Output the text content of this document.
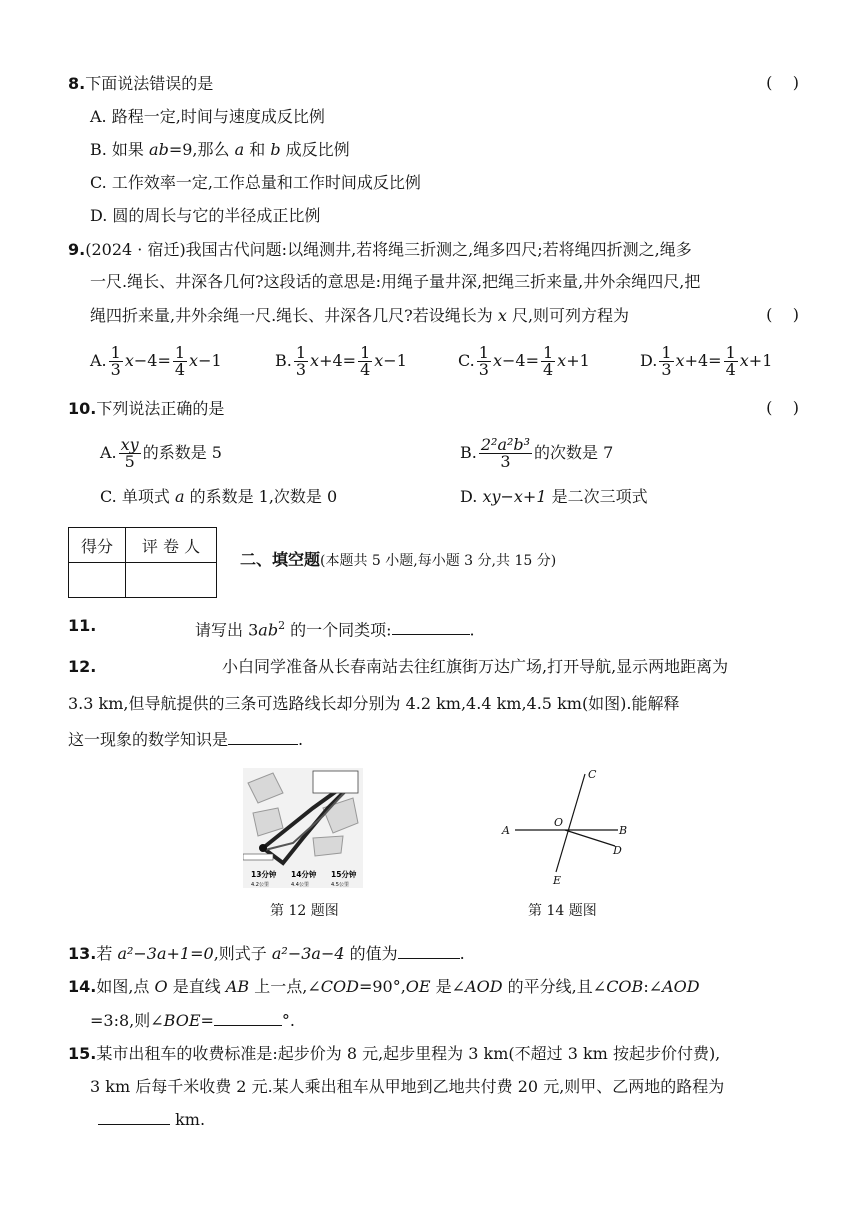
8.下面说法错误的是	(    )
A. 路程一定,时间与速度成反比例
B. 如果 ab=9,那么 a 和 b 成反比例
C. 工作效率一定,工作总量和工作时间成反比例
D. 圆的周长与它的半径成正比例
9.(2024 · 宿迁)我国古代问题:以绳测井,若将绳三折测之,绳多四尺;若将绳四折测之,绳多
一尺.绳长、井深各几何?这段话的意思是:用绳子量井深,把绳三折来量,井外余绳四尺,把
绳四折来量,井外余绳一尺.绳长、井深各几尺?若设绳长为 x 尺,则可列方程为	(    )
A. $\frac{1}{3} x-4= \frac{1}{4} x-1$	B. $\frac{1}{3} x+4= \frac{1}{4} x-1$	C. $\frac{1}{3} x-4= \frac{1}{4} x+1$	D. $\frac{1}{3} x+4= \frac{1}{4} x+1$
10.下列说法正确的是	(    )
A. $\frac{xy}{5}$ 的系数是 5	B. $\frac{\text{2²a²b³}}{3}$ 的次数是 7
C. 单项式 a 的系数是 1,次数是 0	D. xy−x+1 是二次三项式
得分	评 卷 人

二、填空题(本题共 5 小题,每小题 3 分,共 15 分)
11.	请写出 $3ab^2$ 的一个同类项:	.
12.	小白同学准备从长春南站去往红旗街万达广场,打开导航,显示两地距离为
3.3 km,但导航提供的三条可选路线长却分别为 4.2 km,4.4 km,4.5 km(如图).能解释
这一现象的数学知识是	.
13分钟 14分钟 15分钟
4.2公里	4.4公里	4.5公里
第 12 题图
A	B
C
D
E
O
第 14 题图
13.若 a²−3a+1=0,则式子 a²−3a−4 的值为	.
14.如图,点 O 是直线 AB 上一点,∠COD=90°,OE 是∠AOD 的平分线,且∠COB:∠AOD
=3:8,则∠BOE=	°.
15.某市出租车的收费标准是:起步价为 8 元,起步里程为 3 km(不超过 3 km 按起步价付费),
3 km 后每千米收费 2 元.某人乘出租车从甲地到乙地共付费 20 元,则甲、乙两地的路程为
km.
